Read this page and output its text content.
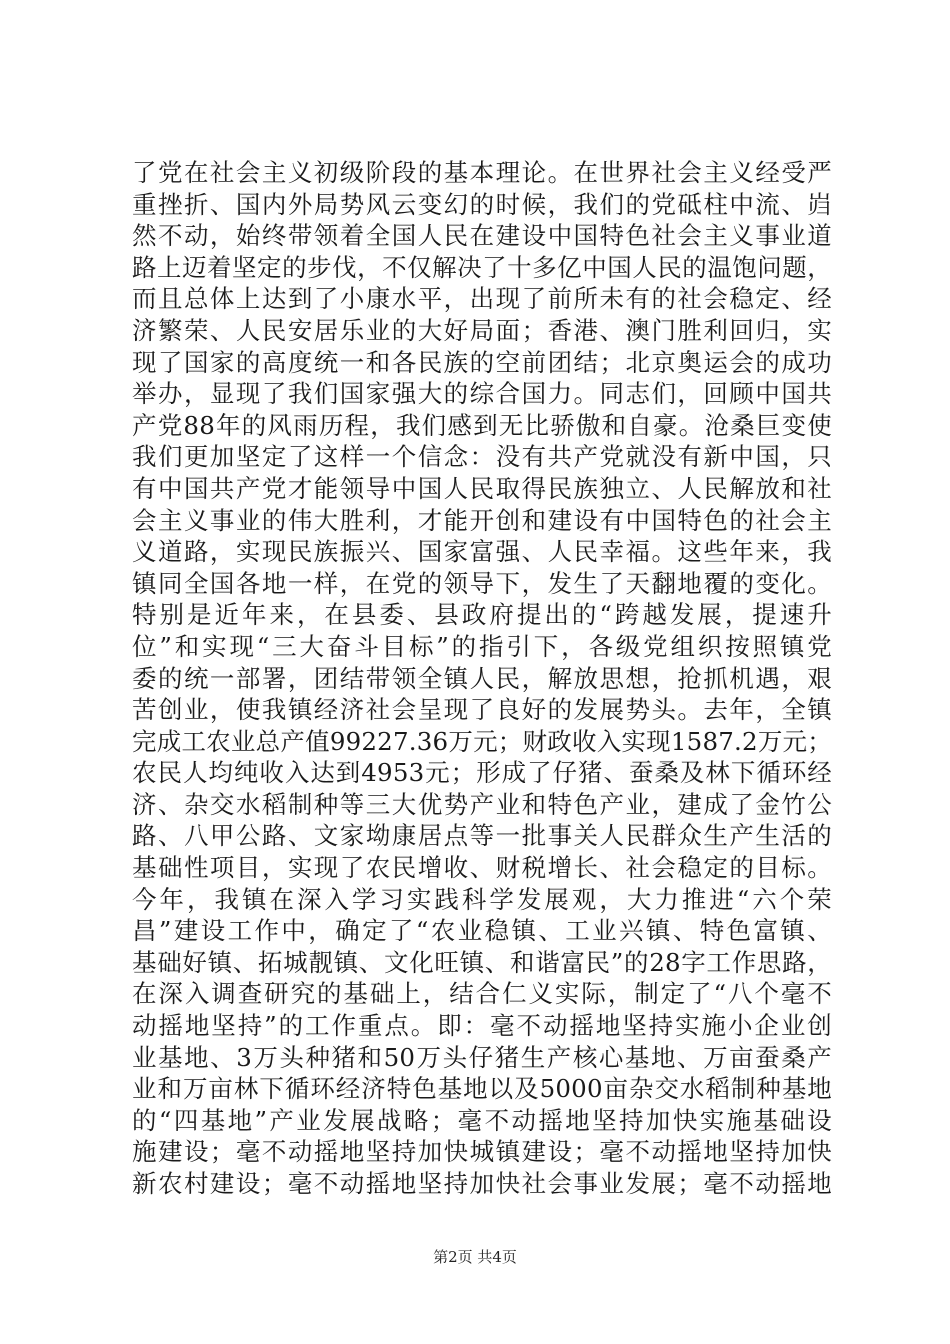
了党在社会主义初级阶段的基本理论。在世界社会主义经受严
重挫折、国内外局势风云变幻的时候，我们的党砥柱中流、岿
然不动，始终带领着全国人民在建设中国特色社会主义事业道
路上迈着坚定的步伐，不仅解决了十多亿中国人民的温饱问题，
而且总体上达到了小康水平，出现了前所未有的社会稳定、经
济繁荣、人民安居乐业的大好局面；香港、澳门胜利回归，实
现了国家的高度统一和各民族的空前团结；北京奥运会的成功
举办，显现了我们国家强大的综合国力。同志们，回顾中国共
产党88年的风雨历程，我们感到无比骄傲和自豪。沧桑巨变使
我们更加坚定了这样一个信念：没有共产党就没有新中国，只
有中国共产党才能领导中国人民取得民族独立、人民解放和社
会主义事业的伟大胜利，才能开创和建设有中国特色的社会主
义道路，实现民族振兴、国家富强、人民幸福。这些年来，我
镇同全国各地一样，在党的领导下，发生了天翻地覆的变化。
特别是近年来，在县委、县政府提出的“跨越发展，提速升
位”和实现“三大奋斗目标”的指引下，各级党组织按照镇党
委的统一部署，团结带领全镇人民，解放思想，抢抓机遇，艰
苦创业，使我镇经济社会呈现了良好的发展势头。去年，全镇
完成工农业总产值99227.36万元；财政收入实现1587.2万元；
农民人均纯收入达到4953元；形成了仔猪、蚕桑及林下循环经
济、杂交水稻制种等三大优势产业和特色产业，建成了金竹公
路、八甲公路、文家坳康居点等一批事关人民群众生产生活的
基础性项目，实现了农民增收、财税增长、社会稳定的目标。
今年，我镇在深入学习实践科学发展观，大力推进“六个荣
昌”建设工作中，确定了“农业稳镇、工业兴镇、特色富镇、
基础好镇、拓城靓镇、文化旺镇、和谐富民”的28字工作思路，
在深入调查研究的基础上，结合仁义实际，制定了“八个毫不
动摇地坚持”的工作重点。即：毫不动摇地坚持实施小企业创
业基地、3万头种猪和50万头仔猪生产核心基地、万亩蚕桑产
业和万亩林下循环经济特色基地以及5000亩杂交水稻制种基地
的“四基地”产业发展战略；毫不动摇地坚持加快实施基础设
施建设；毫不动摇地坚持加快城镇建设；毫不动摇地坚持加快
新农村建设；毫不动摇地坚持加快社会事业发展；毫不动摇地
第2页 共4页
